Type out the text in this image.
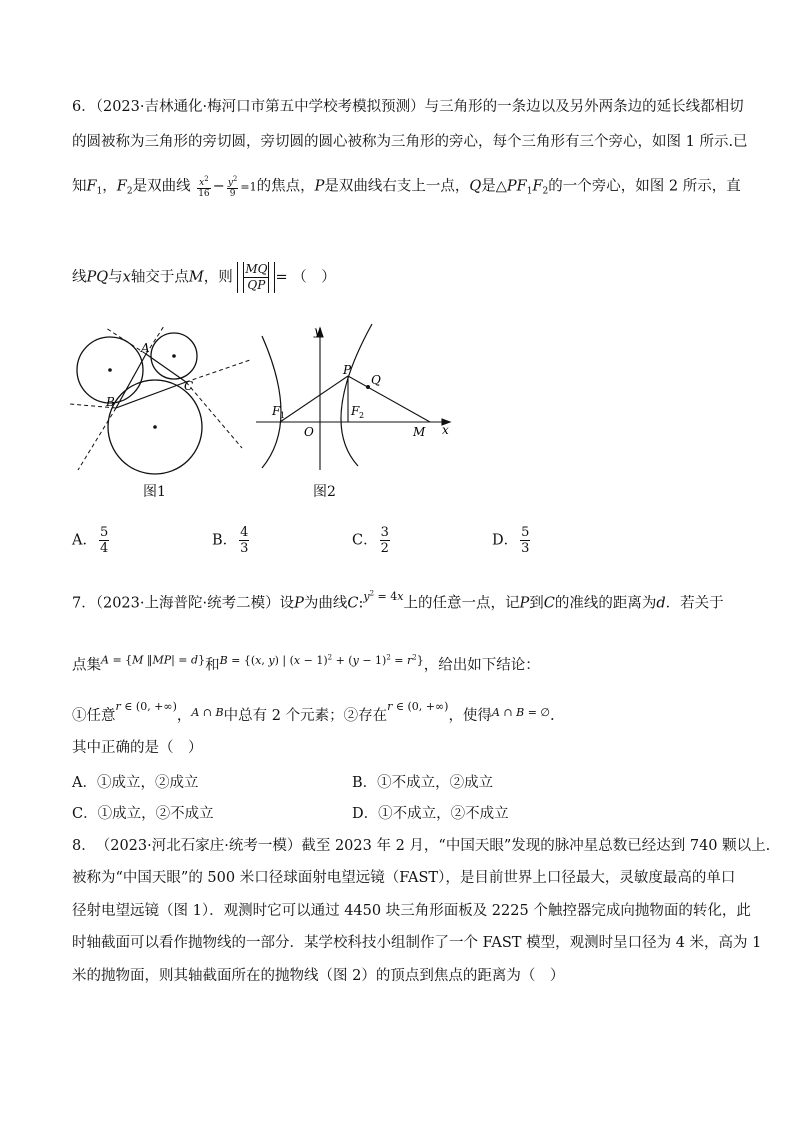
6．（2023·吉林通化·梅河口市第五中学校考模拟预测）与三角形的一条边以及另外两条边的延长线都相切
的圆被称为三角形的旁切圆，旁切圆的圆心被称为三角形的旁心，每个三角形有三个旁心，如图 1 所示.已
知$F_1$，$F_2$是双曲线 $\frac{x^2}{16} - \frac{y^2}{9} =1$的焦点，P是双曲线右支上一点，Q是$\triangle PF_1F_2$的一个旁心，如图 2 所示，直
线PQ与x轴交于点M，则 $\frac{MQ}{QP}$ = （　）
A
B
C
图1
y
x
O
P
Q
M
F 1	F 2
图2
A． $\frac{5}{4}$	B． $\frac{4}{3}$	C． $\frac{3}{2}$	D． $\frac{5}{3}$
7．（2023·上海普陀·统考二模）设P为曲线C:$^{y^2 = 4x}$上的任意一点，记P到C的准线的距离为d．若关于
点集$^{A = \{M ‖MP| = d\}}$和$^{B = \{(x, y) | (x - 1)^2 + (y - 1)^2 = r^2\}}$，给出如下结论：
①任意$^{r \in (0, +\infty)}$，$^{A \cap B}$中总有 2 个元素；②存在$^{r \in (0, +\infty)}$，使得$^{A \cap B = \emptyset}$.
其中正确的是（　）
A．①成立，②成立	B．①不成立，②成立
C．①成立，②不成立	D．①不成立，②不成立
8．　（2023·河北石家庄·统考一模）截至 2023 年 2 月，“中国天眼”发现的脉冲星总数已经达到 740 颗以上.
被称为“中国天眼”的 500 米口径球面射电望远镜（FAST），是目前世界上口径最大，灵敏度最高的单口
径射电望远镜（图 1）．观测时它可以通过 4450 块三角形面板及 2225 个触控器完成向抛物面的转化，此
时轴截面可以看作抛物线的一部分．某学校科技小组制作了一个 FAST 模型，观测时呈口径为 4 米，高为 1
米的抛物面，则其轴截面所在的抛物线（图 2）的顶点到焦点的距离为（　）
